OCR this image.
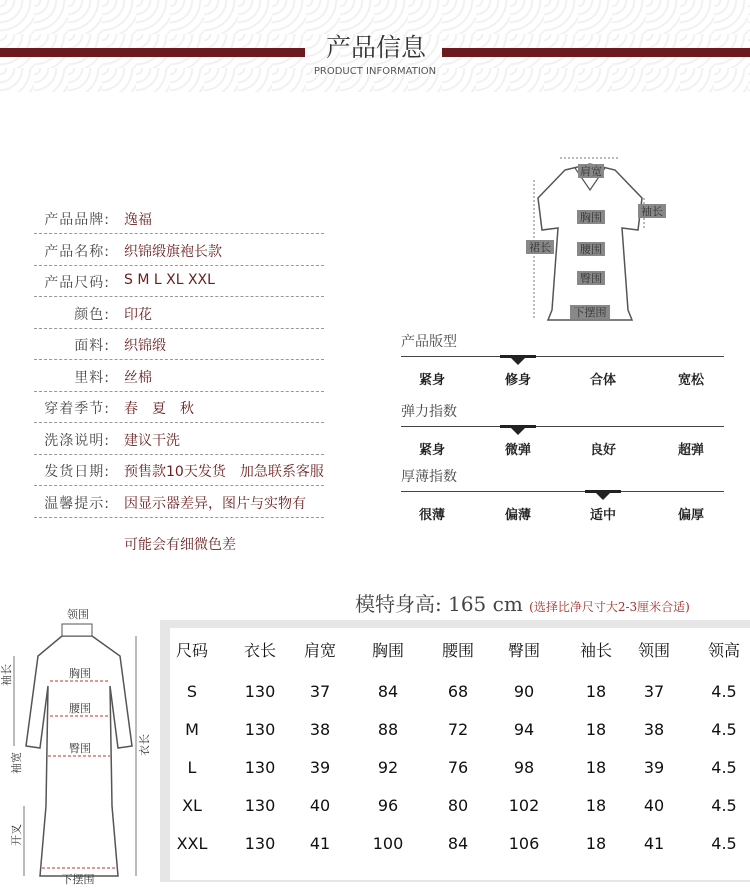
产品信息
PRODUCT INFORMATION
产品品牌: 逸福
产品名称: 织锦缎旗袍长款
产品尺码: S M L XL XXL
颜色: 印花
面料: 织锦缎
里料: 丝棉
穿着季节: 春　夏　秋
洗涤说明: 建议干洗
发货日期: 预售款10天发货　加急联系客服
温馨提示: 因显示器差异，图片与实物有
可能会有细微色差
肩宽
袖长
胸围
裙长	腰围
臀围
下摆围
产品版型
紧身	修身	合体	宽松
弹力指数
紧身	微弹	良好	超弹
厚薄指数
很薄	偏薄	适中	偏厚
模特身高: 165 cm (选择比净尺寸大2-3厘米合适)
领围
胸围
腰围
臀围
下摆围
袖长
袖宽
衣长
开叉
尺码	衣长	肩宽	胸围	腰围	臀围	袖长	领围	领高
S	130	37	84	68	90	18	37	4.5
M	130	38	88	72	94	18	38	4.5
L	130	39	92	76	98	18	39	4.5
XL	130	40	96	80	102	18	40	4.5
XXL	130	41	100	84	106	18	41	4.5
